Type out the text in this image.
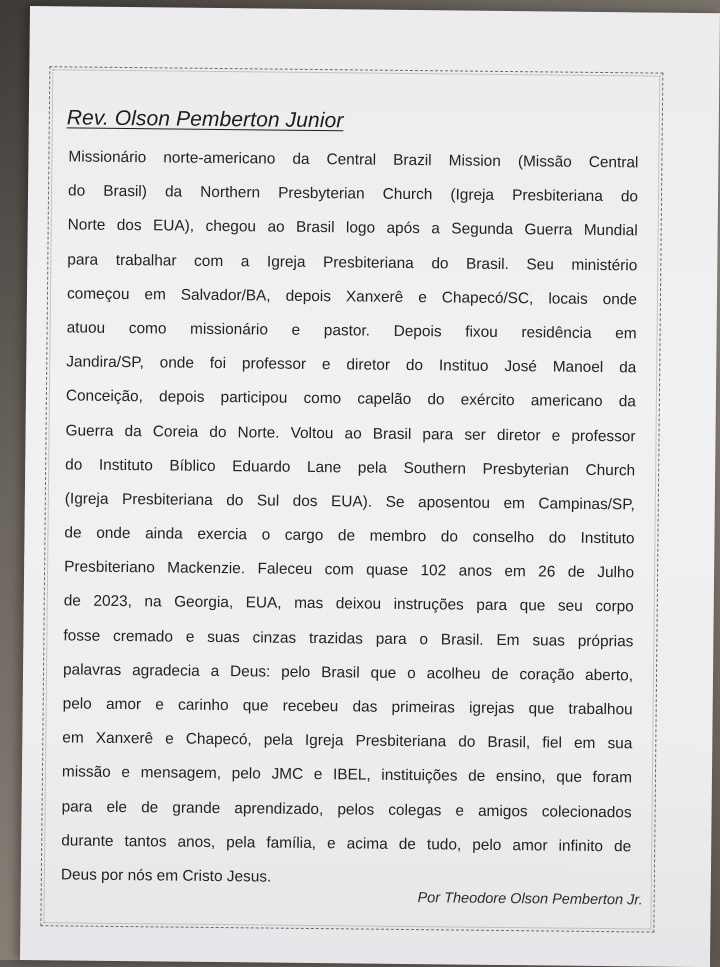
Rev. Olson Pemberton Junior
Missionário norte-americano da Central Brazil Mission (Missão Central
do Brasil) da Northern Presbyterian Church (Igreja Presbiteriana do
Norte dos EUA), chegou ao Brasil logo após a Segunda Guerra Mundial
para trabalhar com a Igreja Presbiteriana do Brasil. Seu ministério
começou em Salvador/BA, depois Xanxerê e Chapecó/SC, locais onde
atuou como missionário e pastor. Depois fixou residência em
Jandira/SP, onde foi professor e diretor do Instituo José Manoel da
Conceição, depois participou como capelão do exército americano da
Guerra da Coreia do Norte. Voltou ao Brasil para ser diretor e professor
do Instituto Bíblico Eduardo Lane pela Southern Presbyterian Church
(Igreja Presbiteriana do Sul dos EUA). Se aposentou em Campinas/SP,
de onde ainda exercia o cargo de membro do conselho do Instituto
Presbiteriano Mackenzie. Faleceu com quase 102 anos em 26 de Julho
de 2023, na Georgia, EUA, mas deixou instruções para que seu corpo
fosse cremado e suas cinzas trazidas para o Brasil. Em suas próprias
palavras agradecia a Deus: pelo Brasil que o acolheu de coração aberto,
pelo amor e carinho que recebeu das primeiras igrejas que trabalhou
em Xanxerê e Chapecó, pela Igreja Presbiteriana do Brasil, fiel em sua
missão e mensagem, pelo JMC e IBEL, instituições de ensino, que foram
para ele de grande aprendizado, pelos colegas e amigos colecionados
durante tantos anos, pela família, e acima de tudo, pelo amor infinito de
Deus por nós em Cristo Jesus.
Por Theodore Olson Pemberton Jr.
